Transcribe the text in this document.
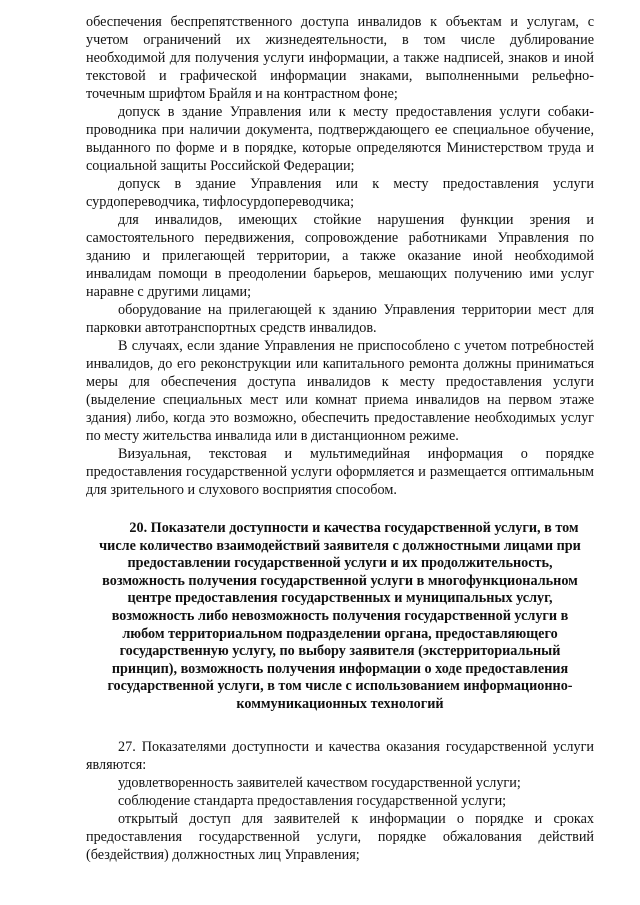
обеспечения беспрепятственного доступа инвалидов к объектам и услугам, с учетом ограничений их жизнедеятельности, в том числе дублирование необходимой для получения услуги информации, а также надписей, знаков и иной текстовой и графической информации знаками, выполненными рельефно-точечным шрифтом Брайля и на контрастном фоне;

допуск в здание Управления или к месту предоставления услуги собаки-проводника при наличии документа, подтверждающего ее специальное обучение, выданного по форме и в порядке, которые определяются Министерством труда и социальной защиты Российской Федерации;

допуск в здание Управления или к месту предоставления услуги сурдопереводчика, тифлосурдопереводчика;

для инвалидов, имеющих стойкие нарушения функции зрения и самостоятельного передвижения, сопровождение работниками Управления по зданию и прилегающей территории, а также оказание иной необходимой инвалидам помощи в преодолении барьеров, мешающих получению ими услуг наравне с другими лицами;

оборудование на прилегающей к зданию Управления территории мест для парковки автотранспортных средств инвалидов.

В случаях, если здание Управления не приспособлено с учетом потребностей инвалидов, до его реконструкции или капитального ремонта должны приниматься меры для обеспечения доступа инвалидов к месту предоставления услуги (выделение специальных мест или комнат приема инвалидов на первом этаже здания) либо, когда это возможно, обеспечить предоставление необходимых услуг по месту жительства инвалида или в дистанционном режиме.

Визуальная, текстовая и мультимедийная информация о порядке предоставления государственной услуги оформляется и размещается оптимальным для зрительного и слухового восприятия способом.

20. Показатели доступности и качества государственной услуги, в том числе количество взаимодействий заявителя с должностными лицами при предоставлении государственной услуги и их продолжительность, возможность получения государственной услуги в многофункциональном центре предоставления государственных и муниципальных услуг, возможность либо невозможность получения государственной услуги в любом территориальном подразделении органа, предоставляющего государственную услугу, по выбору заявителя (экстерриториальный принцип), возможность получения информации о ходе предоставления государственной услуги, в том числе с использованием информационно-коммуникационных технологий

27. Показателями доступности и качества оказания государственной услуги являются:

удовлетворенность заявителей качеством государственной услуги;

соблюдение стандарта предоставления государственной услуги;

открытый доступ для заявителей к информации о порядке и сроках предоставления государственной услуги, порядке обжалования действий (бездействия) должностных лиц Управления;
